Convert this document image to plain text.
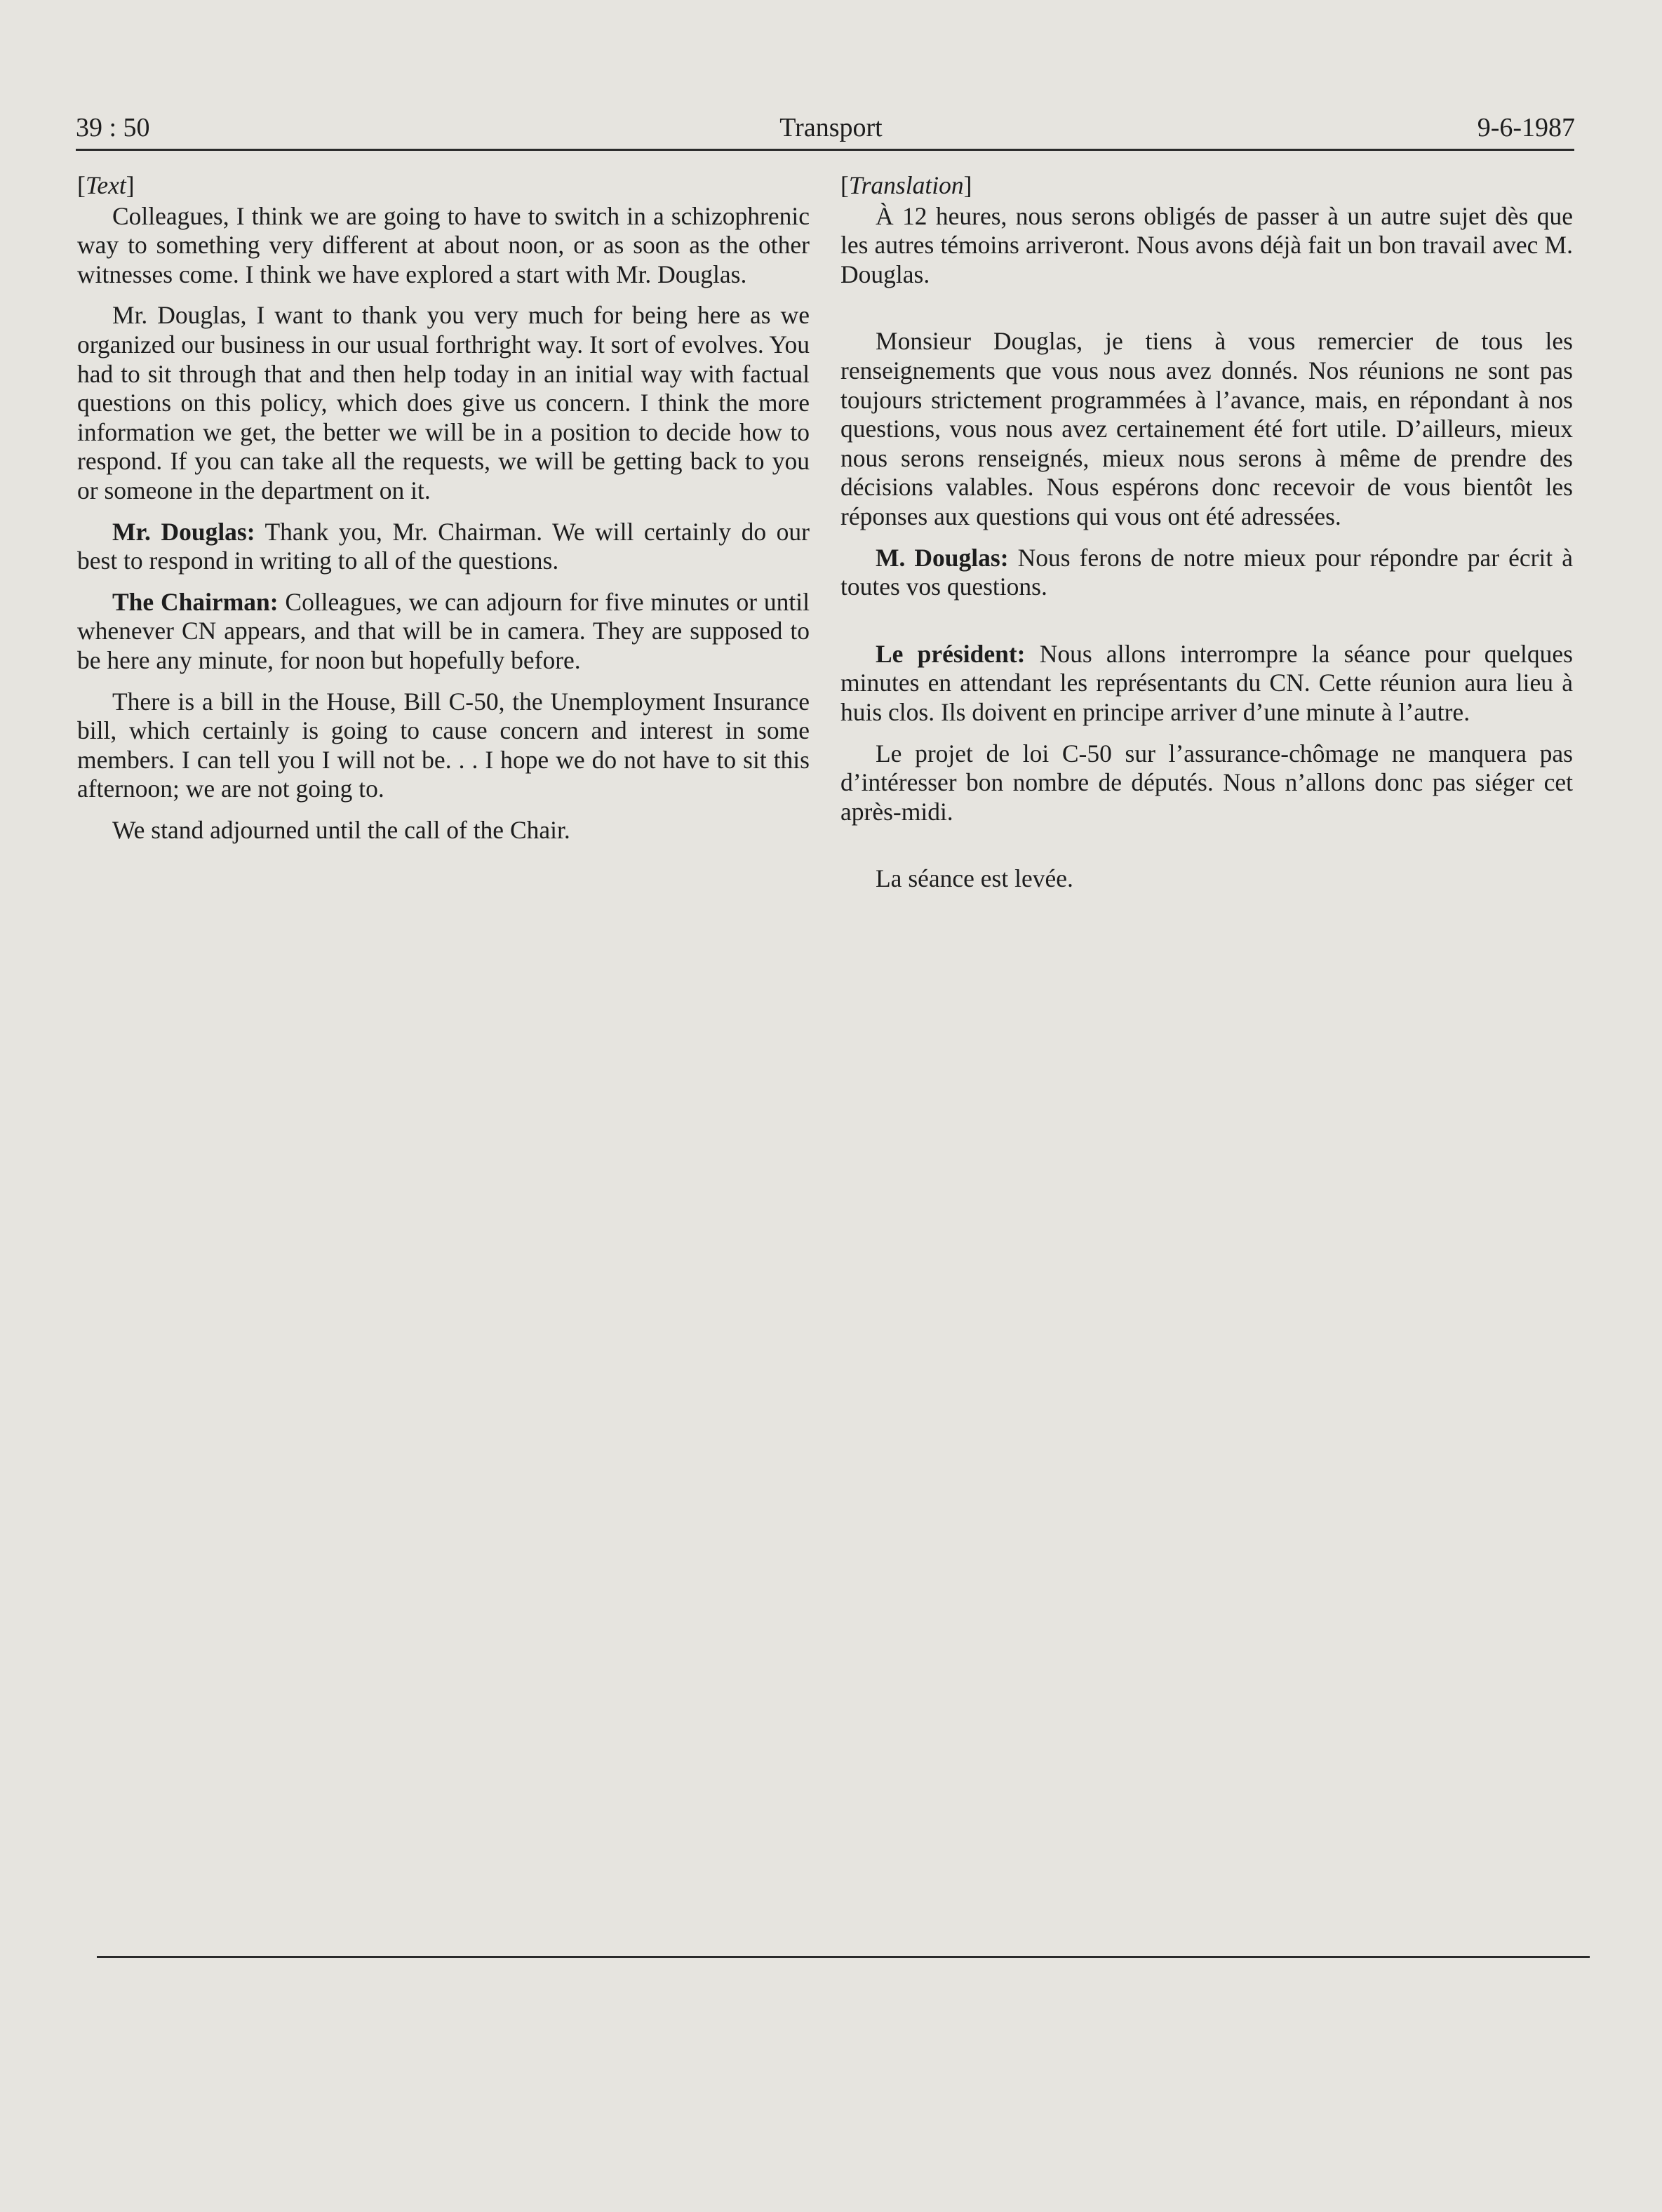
39 : 50	Transport	9-6-1987
[Text]

Colleagues, I think we are going to have to switch in a schizophrenic way to something very different at about noon, or as soon as the other witnesses come. I think we have explored a start with Mr. Douglas.

Mr. Douglas, I want to thank you very much for being here as we organized our business in our usual forthright way. It sort of evolves. You had to sit through that and then help today in an initial way with factual questions on this policy, which does give us concern. I think the more information we get, the better we will be in a position to decide how to respond. If you can take all the requests, we will be getting back to you or someone in the department on it.

Mr. Douglas: Thank you, Mr. Chairman. We will certainly do our best to respond in writing to all of the questions.

The Chairman: Colleagues, we can adjourn for five minutes or until whenever CN appears, and that will be in camera. They are supposed to be here any minute, for noon but hopefully before.

There is a bill in the House, Bill C-50, the Unemployment Insurance bill, which certainly is going to cause concern and interest in some members. I can tell you I will not be. . . I hope we do not have to sit this afternoon; we are not going to.

We stand adjourned until the call of the Chair.

[Translation]

À 12 heures, nous serons obligés de passer à un autre sujet dès que les autres témoins arriveront. Nous avons déjà fait un bon travail avec M. Douglas.

Monsieur Douglas, je tiens à vous remercier de tous les renseignements que vous nous avez donnés. Nos réunions ne sont pas toujours strictement programmées à l’avance, mais, en répondant à nos questions, vous nous avez certainement été fort utile. D’ailleurs, mieux nous serons renseignés, mieux nous serons à même de prendre des décisions valables. Nous espérons donc recevoir de vous bientôt les réponses aux questions qui vous ont été adressées.

M. Douglas: Nous ferons de notre mieux pour répondre par écrit à toutes vos questions.

Le président: Nous allons interrompre la séance pour quelques minutes en attendant les représentants du CN. Cette réunion aura lieu à huis clos. Ils doivent en principe arriver d’une minute à l’autre.

Le projet de loi C-50 sur l’assurance-chômage ne manquera pas d’intéresser bon nombre de députés. Nous n’allons donc pas siéger cet après-midi.

La séance est levée.
